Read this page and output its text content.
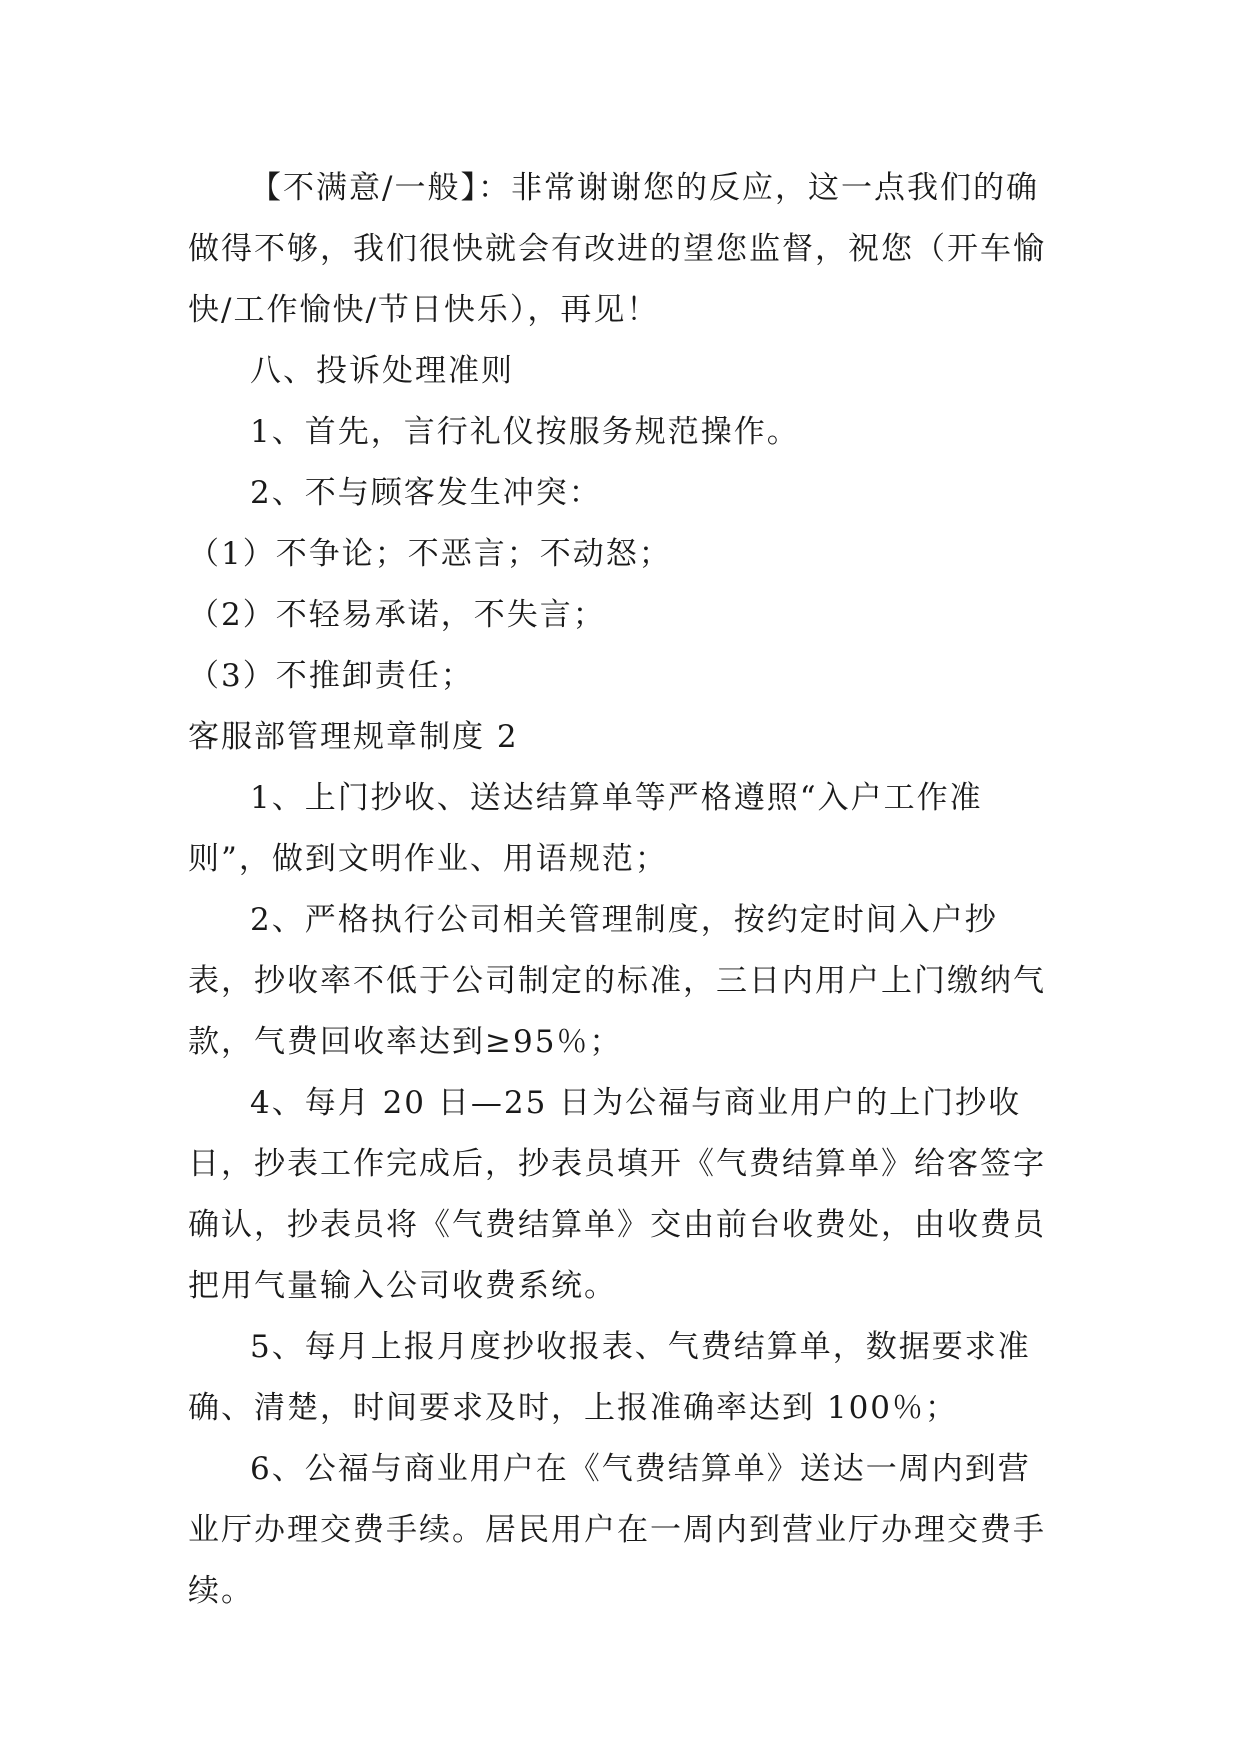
【不满意/一般】：非常谢谢您的反应，这一点我们的确做得不够，我们很快就会有改进的望您监督，祝您（开车愉快/工作愉快/节日快乐），再见！

八、投诉处理准则

1、首先，言行礼仪按服务规范操作。

2、不与顾客发生冲突：

（1）不争论；不恶言；不动怒；

（2）不轻易承诺，不失言；

（3）不推卸责任；

客服部管理规章制度 2

1、上门抄收、送达结算单等严格遵照“入户工作准则”，做到文明作业、用语规范；

2、严格执行公司相关管理制度，按约定时间入户抄表，抄收率不低于公司制定的标准，三日内用户上门缴纳气款，气费回收率达到≥95％；

4、每月 20 日—25 日为公福与商业用户的上门抄收日，抄表工作完成后，抄表员填开《气费结算单》给客签字确认，抄表员将《气费结算单》交由前台收费处，由收费员把用气量输入公司收费系统。

5、每月上报月度抄收报表、气费结算单，数据要求准确、清楚，时间要求及时，上报准确率达到 100％；

6、公福与商业用户在《气费结算单》送达一周内到营业厅办理交费手续。居民用户在一周内到营业厅办理交费手续。
